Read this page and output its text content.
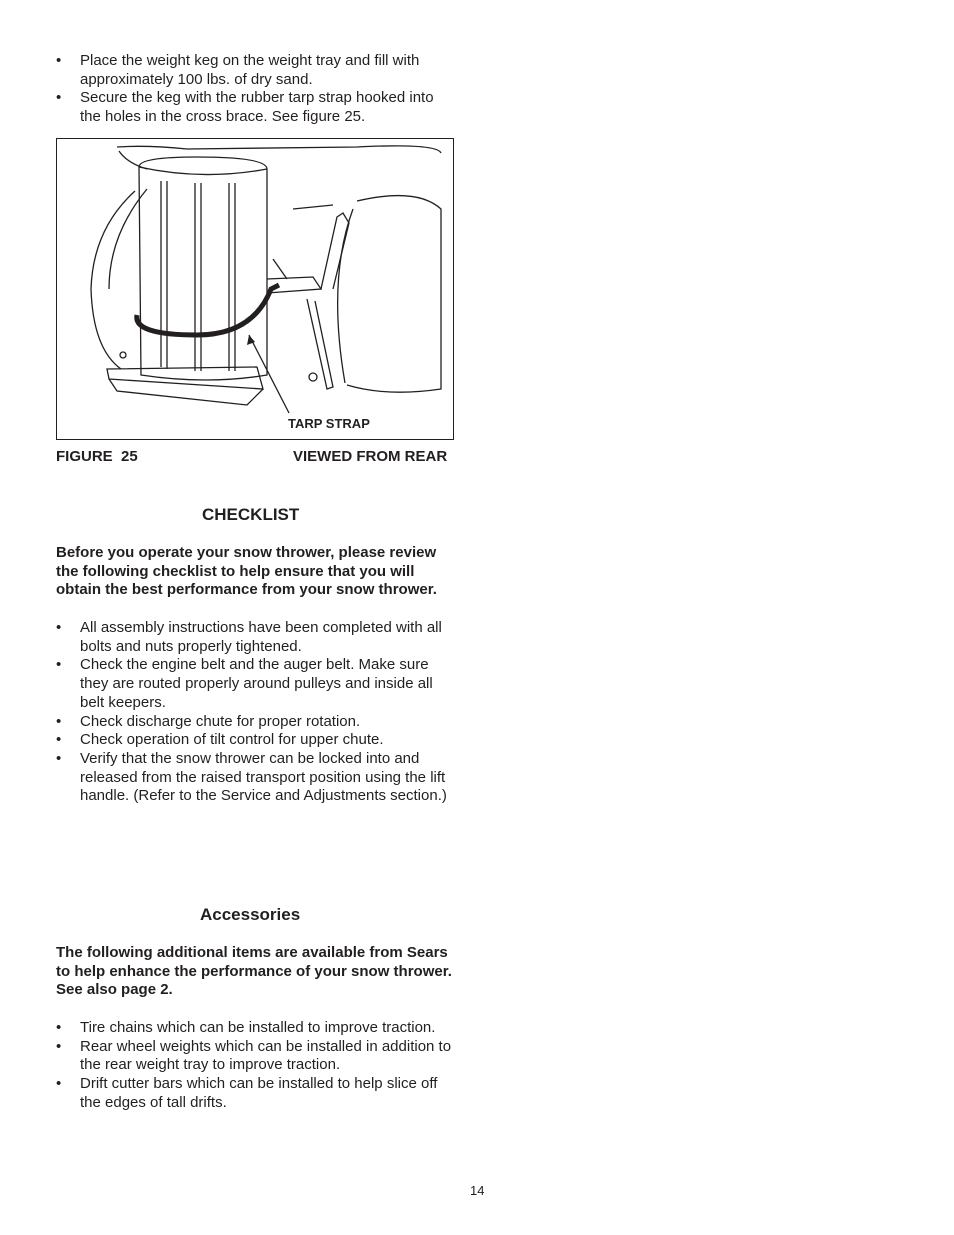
• Place the weight keg on the weight tray and fill with approximately 100 lbs. of dry sand.
• Secure the keg with the rubber tarp strap hooked into the holes in the cross brace. See figure 25.
TARP STRAP
FIGURE  25	VIEWED FROM REAR
CHECKLIST
Before you operate your snow thrower, please review the following checklist to help ensure that you will obtain the best performance from your snow thrower.
• All assembly instructions have been completed with all bolts and nuts properly tightened.
• Check the engine belt and the auger belt. Make sure they are routed properly around pulleys and inside all belt keepers.
• Check discharge chute for proper rotation.
• Check operation of tilt control for upper chute.
• Verify that the snow thrower can be locked into and released from the raised transport position using the lift handle. (Refer to the Service and Adjustments section.)
Accessories
The following additional items are available from Sears to help enhance the performance of your snow thrower. See also page 2.
• Tire chains which can be installed to improve traction.
• Rear wheel weights which can be installed in addition to the rear weight tray to improve traction.
• Drift cutter bars which can be installed to help slice off the edges of tall drifts.
14
